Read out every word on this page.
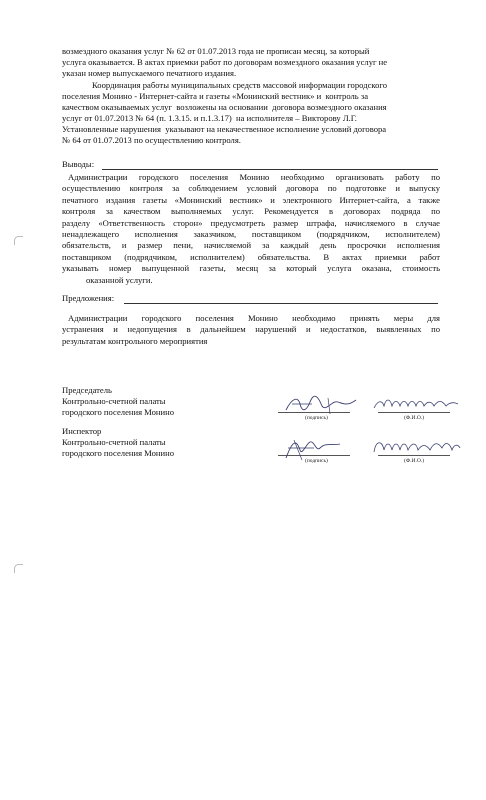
возмездного оказания услуг № 62 от 01.07.2013 года не прописан месяц, за который
услуга оказывается. В актах приемки работ по договорам возмездного оказания услуг не
указан номер выпускаемого печатного издания.
Координация работы муниципальных средств массовой информации городского
поселения Монино - Интернет-сайта и газеты «Монинский вестник» и  контроль за
качеством оказываемых услуг  возложены на основании  договора возмездного оказания
услуг от 01.07.2013 № 64 (п. 1.3.15. и п.1.3.17)  на исполнителя – Викторову Л.Г.
Установленные нарушения  указывают на некачественное исполнение условий договора
№ 64 от 01.07.2013 по осуществлению контроля.
Выводы:
Администрации городского поселения Монино необходимо организовать работу по
осуществлению контроля за соблюдением условий договора по подготовке и выпуску
печатного издания газеты «Монинский вестник» и электронного Интернет-сайта, а также
контроля за качеством выполняемых услуг. Рекомендуется в договорах подряда по
разделу «Ответственность сторон» предусмотреть размер штрафа, начисляемого в случае
ненадлежащего исполнения заказчиком, поставщиком (подрядчиком, исполнителем)
обязательств, и размер пени, начисляемой за каждый день просрочки исполнения
поставщиком (подрядчиком, исполнителем) обязательства. В актах приемки работ
указывать номер выпущенной газеты, месяц за который услуга оказана, стоимость
оказанной услуги.
Предложения:
Администрации городского поселения Монино необходимо принять меры для
устранения и недопущения в дальнейшем нарушений и недостатков, выявленных по
результатам контрольного мероприятия
Председатель
Контрольно-счетной палаты
городского поселения Монино
(подпись)	(Ф.И.О.)
Инспектор
Контрольно-счетной палаты
городского поселения Монино
(подпись)	(Ф.И.О.)
